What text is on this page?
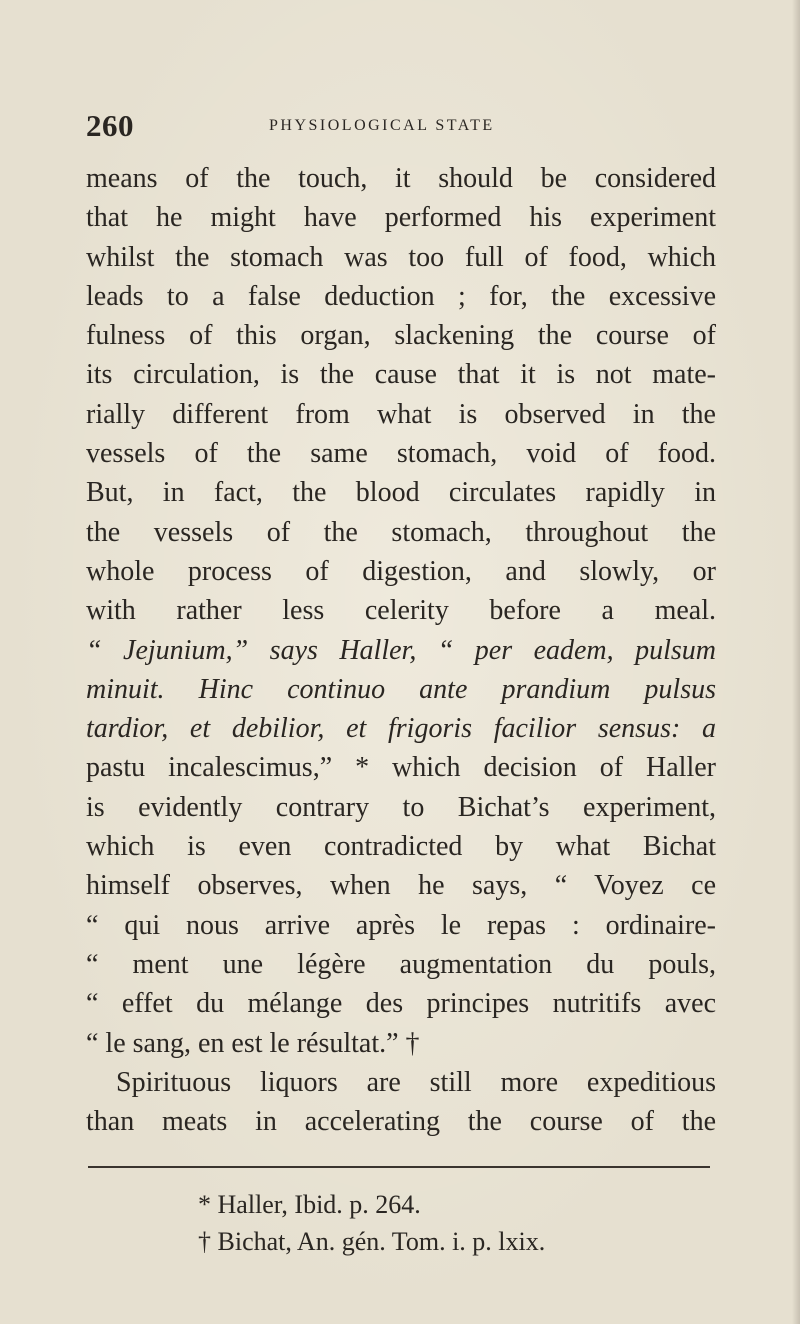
260	PHYSIOLOGICAL STATE
means of the touch, it should be considered
that he might have performed his experiment
whilst the stomach was too full of food, which
leads to a false deduction ; for, the excessive
fulness of this organ, slackening the course of
its circulation, is the cause that it is not mate-
rially different from what is observed in the
vessels of the same stomach, void of food.
But, in fact, the blood circulates rapidly in
the vessels of the stomach, throughout the
whole process of digestion, and slowly, or
with rather less celerity before a meal.
“ Jejunium,” says Haller, “ per eadem, pulsum
minuit. Hinc continuo ante prandium pulsus
tardior, et debilior, et frigoris facilior sensus: a
pastu incalescimus,” * which decision of Haller
is evidently contrary to Bichat’s experiment,
which is even contradicted by what Bichat
himself observes, when he says, “ Voyez ce
“ qui nous arrive après le repas : ordinaire-
“ ment une légère augmentation du pouls,
“ effet du mélange des principes nutritifs avec
“ le sang, en est le résultat.” †
Spirituous liquors are still more expeditious
than meats in accelerating the course of the
* Haller, Ibid. p. 264.
† Bichat, An. gén. Tom. i. p. lxix.
